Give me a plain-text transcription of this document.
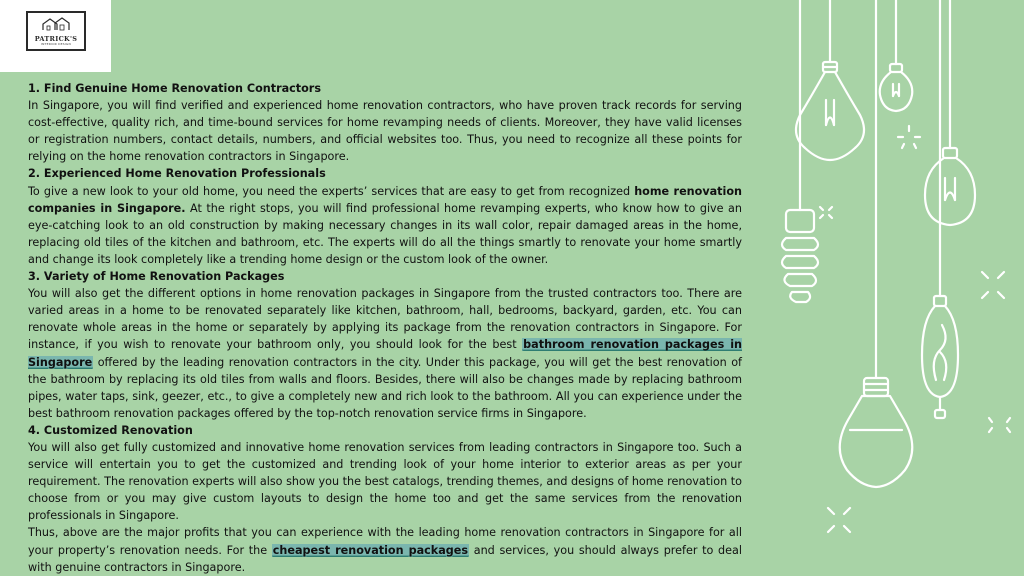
PATRICK'S
INTERIOR DESIGN

1. Find Genuine Home Renovation Contractors

In Singapore, you will find verified and experienced home renovation contractors, who have proven track records for serving cost-effective, quality rich, and time-bound services for home revamping needs of clients. Moreover, they have valid licenses or registration numbers, contact details, numbers, and official websites too. Thus, you need to recognize all these points for relying on the home renovation contractors in Singapore.

2. Experienced Home Renovation Professionals

To give a new look to your old home, you need the experts’ services that are easy to get from recognized home renovation companies in Singapore. At the right stops, you will find professional home revamping experts, who know how to give an eye-catching look to an old construction by making necessary changes in its wall color, repair damaged areas in the home, replacing old tiles of the kitchen and bathroom, etc. The experts will do all the things smartly to renovate your home smartly and change its look completely like a trending home design or the custom look of the owner.

3. Variety of Home Renovation Packages

You will also get the different options in home renovation packages in Singapore from the trusted contractors too. There are varied areas in a home to be renovated separately like kitchen, bathroom, hall, bedrooms, backyard, garden, etc. You can renovate whole areas in the home or separately by applying its package from the renovation contractors in Singapore. For instance, if you wish to renovate your bathroom only, you should look for the best bathroom renovation packages in Singapore offered by the leading renovation contractors in the city. Under this package, you will get the best renovation of the bathroom by replacing its old tiles from walls and floors. Besides, there will also be changes made by replacing bathroom pipes, water taps, sink, geezer, etc., to give a completely new and rich look to the bathroom. All you can experience under the best bathroom renovation packages offered by the top-notch renovation service firms in Singapore.

4. Customized Renovation

You will also get fully customized and innovative home renovation services from leading contractors in Singapore too. Such a service will entertain you to get the customized and trending look of your home interior to exterior areas as per your requirement. The renovation experts will also show you the best catalogs, trending themes, and designs of home renovation to choose from or you may give custom layouts to design the home too and get the same services from the renovation professionals in Singapore.

Thus, above are the major profits that you can experience with the leading home renovation contractors in Singapore for all your property’s renovation needs. For the cheapest renovation packages and services, you should always prefer to deal with genuine contractors in Singapore.
